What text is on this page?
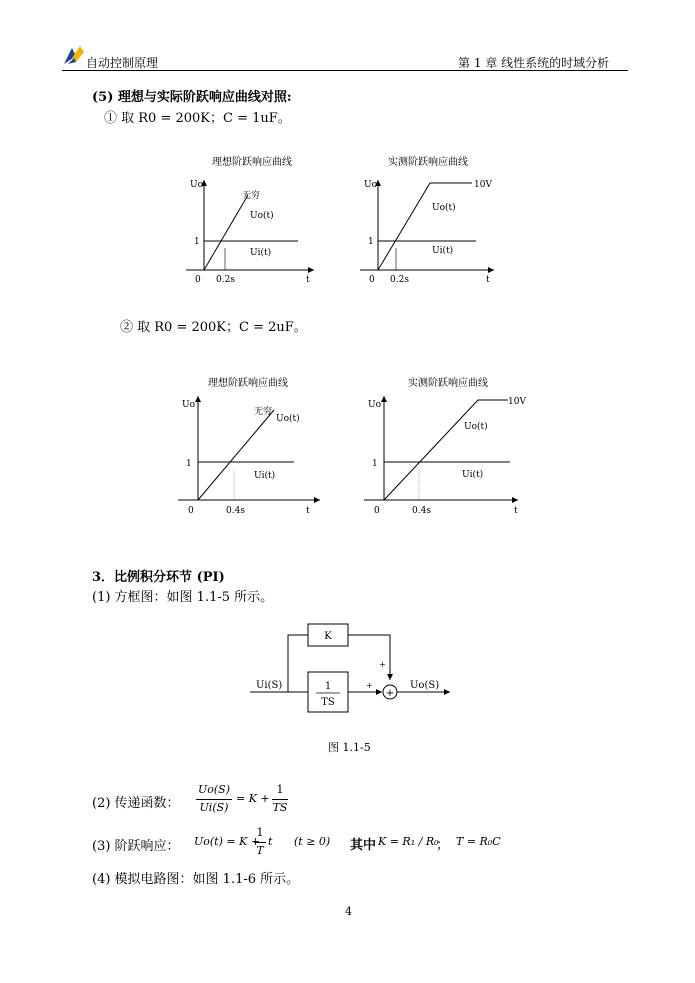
自动控制原理	第 1 章 线性系统的时域分析
(5) 理想与实际阶跃响应曲线对照:
① 取 R0 = 200K；C = 1uF。
理想阶跃响应曲线
Uo
t
0
1
0.2s
无穷
Uo(t)
Ui(t)
实测阶跃响应曲线
Uo
t
0
1
0.2s
10V
Uo(t)
Ui(t)
② 取 R0 = 200K；C = 2uF。
理想阶跃响应曲线
Uo
t
0
1
0.4s
无穷
Uo(t)
Ui(t)
实测阶跃响应曲线
Uo
t
0
1
0.4s
10V
Uo(t)
Ui(t)
3．比例积分环节 (PI)
(1) 方框图：如图 1.1-5 所示。
K
1
TS
+
Ui(S)	Uo(S)
+
+
图 1.1-5
(2) 传递函数：
Uo(S)
Ui(S)
= K +
1
TS
(3) 阶跃响应： Uo(t) = K +
1
T
t (t ≥ 0) 其中 K = R₁ / R₀
； T = R₀C
(4) 模拟电路图：如图 1.1-6 所示。
4
